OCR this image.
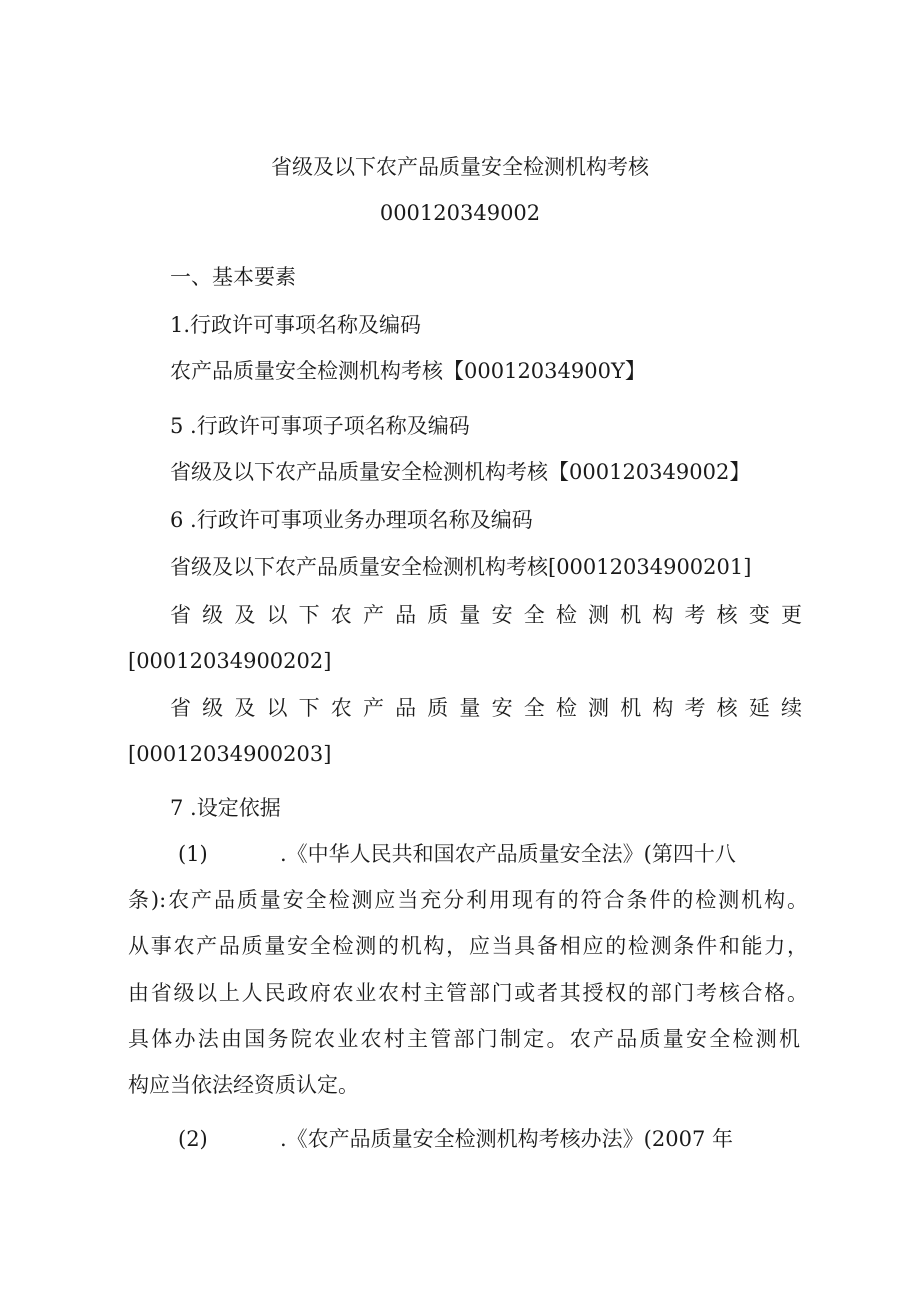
省级及以下农产品质量安全检测机构考核
000120349002
一、基本要素
1.行政许可事项名称及编码
农产品质量安全检测机构考核【00012034900Y】
5 .行政许可事项子项名称及编码
省级及以下农产品质量安全检测机构考核【000120349002】
6 .行政许可事项业务办理项名称及编码
省级及以下农产品质量安全检测机构考核[00012034900201]
省级及以下农产品质量安全检测机构考核变更
[00012034900202]
省级及以下农产品质量安全检测机构考核延续
[00012034900203]
7 .设定依据
(1)	.《中华人民共和国农产品质量安全法》(第四十八
条):农产品质量安全检测应当充分利用现有的符合条件的检测机构。
从事农产品质量安全检测的机构，应当具备相应的检测条件和能力，
由省级以上人民政府农业农村主管部门或者其授权的部门考核合格。
具体办法由国务院农业农村主管部门制定。农产品质量安全检测机
构应当依法经资质认定。
(2)	.《农产品质量安全检测机构考核办法》(2007 年
